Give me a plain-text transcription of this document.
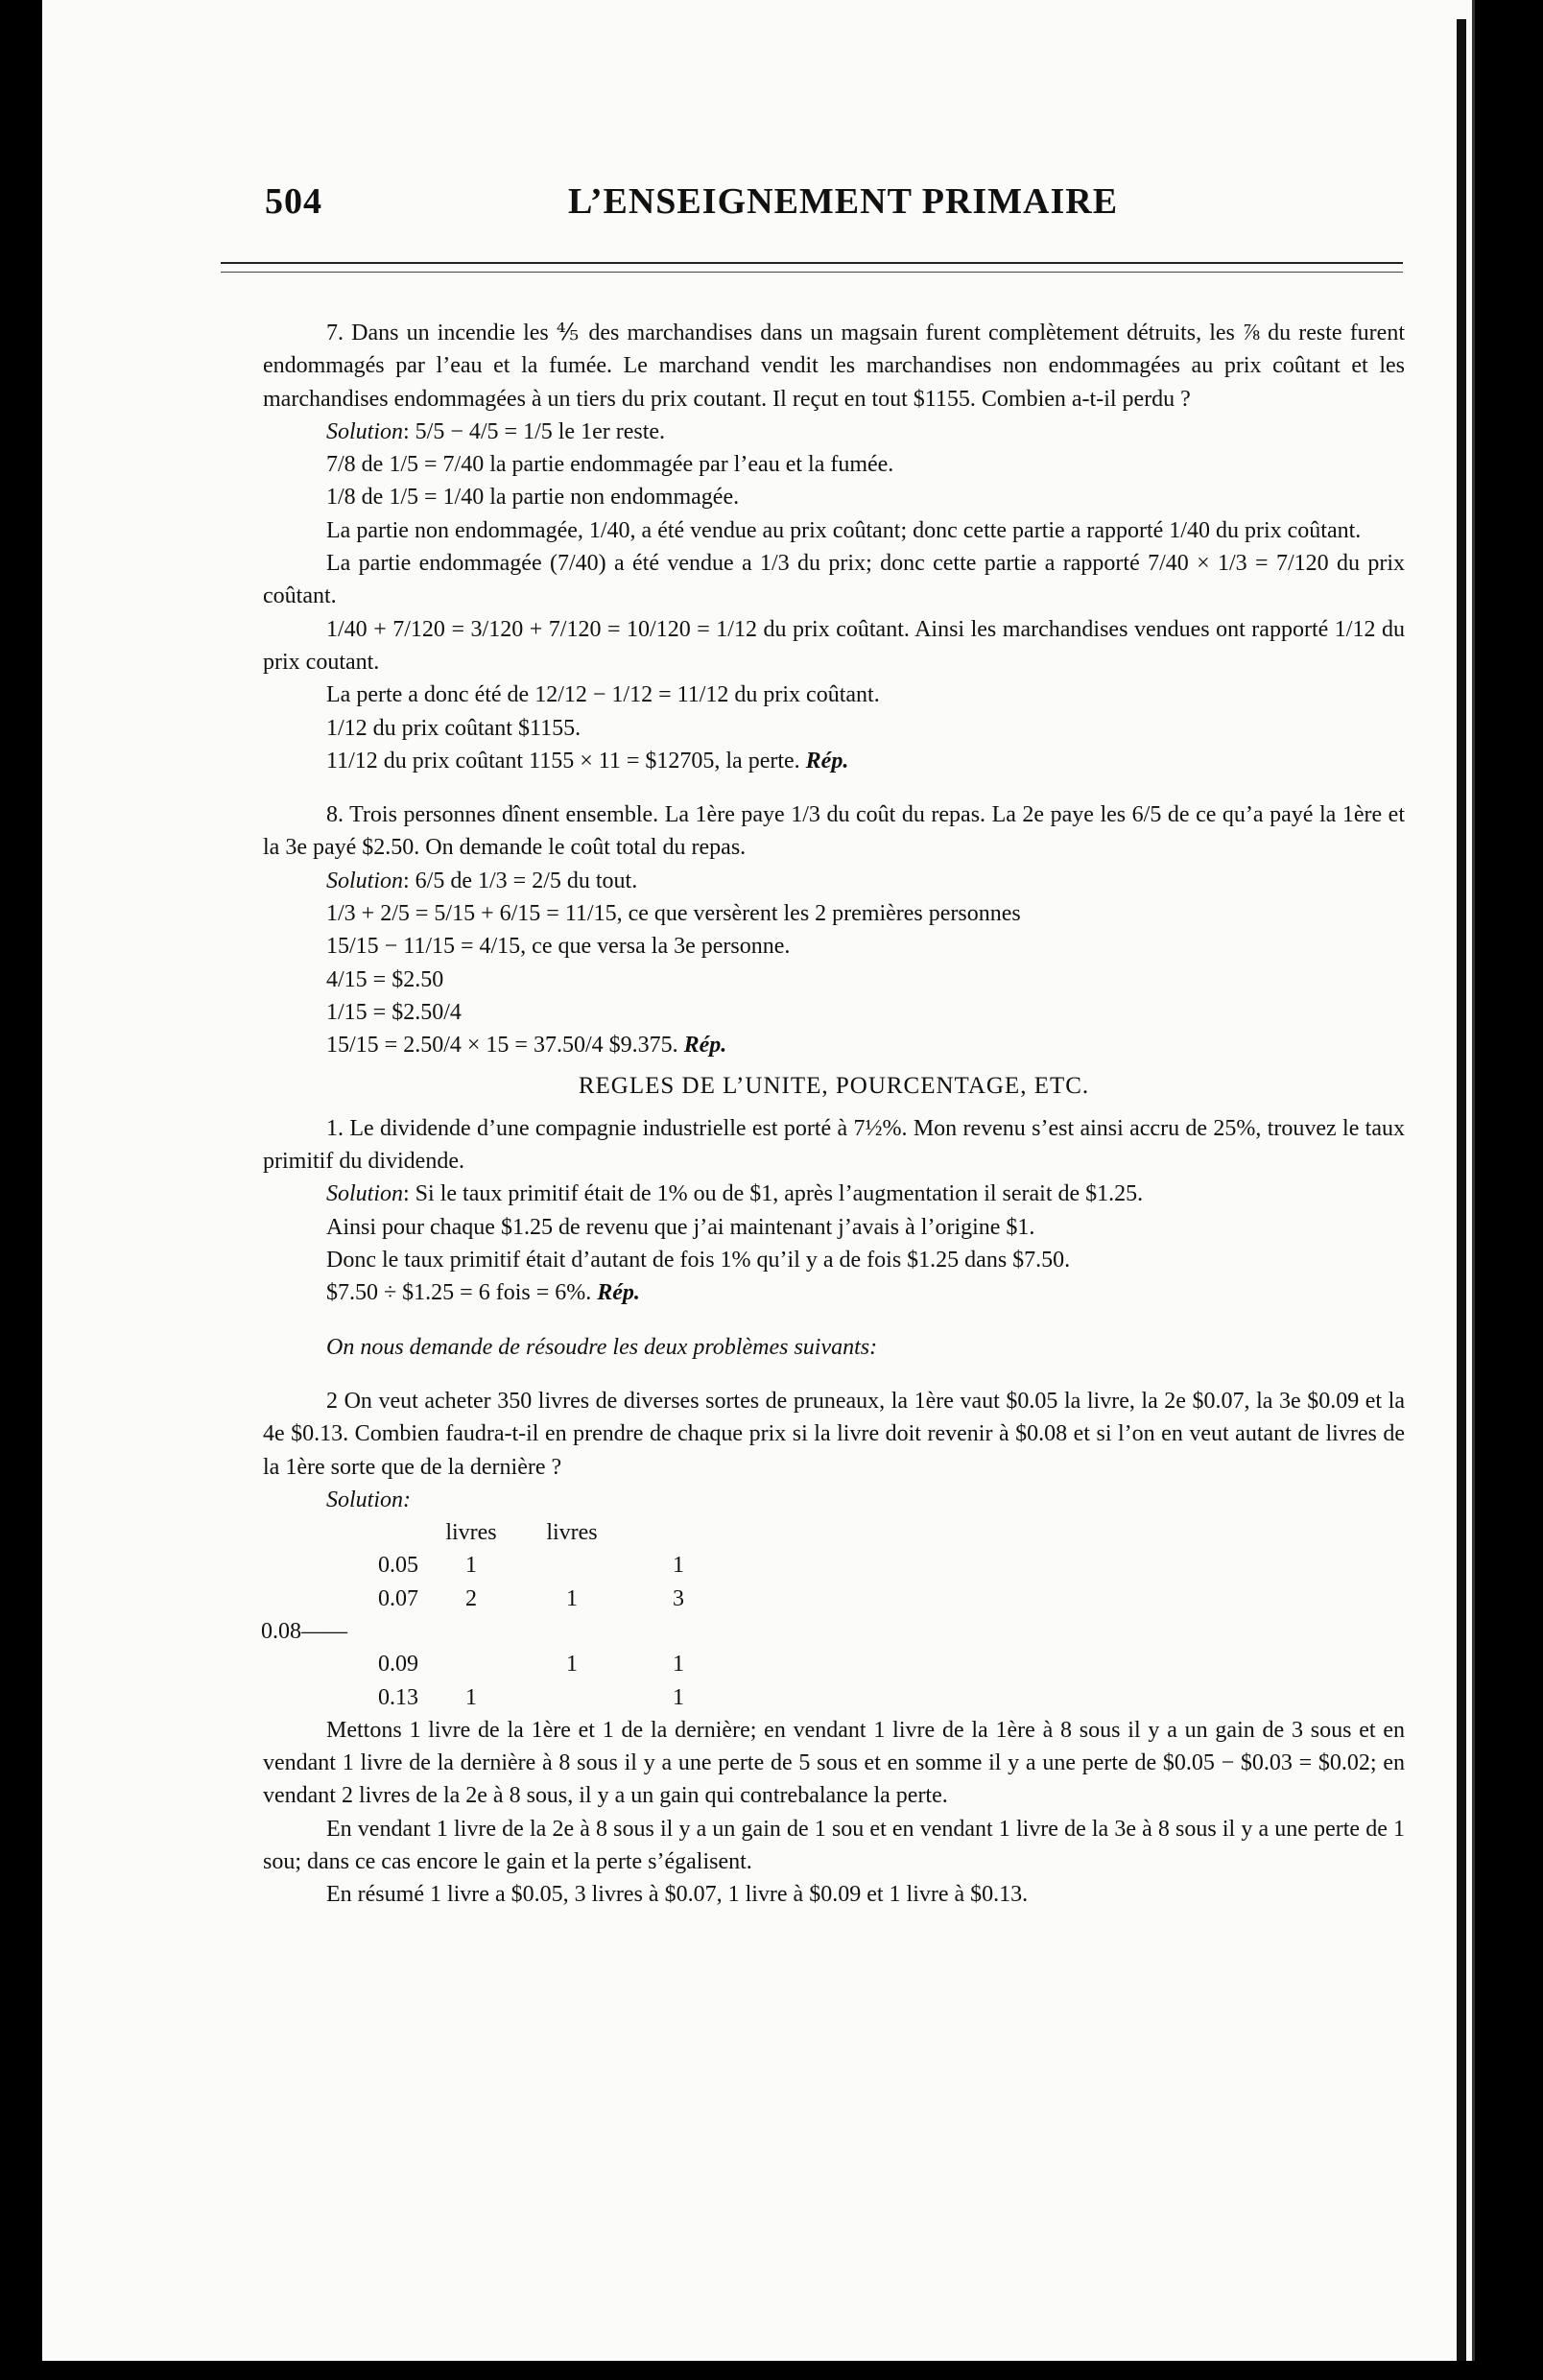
504	L’ENSEIGNEMENT PRIMAIRE

7. Dans un incendie les ⅘ des marchandises dans un magsain furent complètement détruits, les ⅞ du reste furent endommagés par l’eau et la fumée. Le marchand vendit les marchandises non endommagées au prix coûtant et les marchandises endommagées à un tiers du prix coutant. Il reçut en tout $1155. Combien a-t-il perdu ?

Solution: 5/5 − 4/5 = 1/5 le 1er reste.

7/8 de 1/5 = 7/40 la partie endommagée par l’eau et la fumée.

1/8 de 1/5 = 1/40 la partie non endommagée.

La partie non endommagée, 1/40, a été vendue au prix coûtant; donc cette partie a rapporté 1/40 du prix coûtant.

La partie endommagée (7/40) a été vendue a 1/3 du prix; donc cette partie a rapporté 7/40 × 1/3 = 7/120 du prix coûtant.

1/40 + 7/120 = 3/120 + 7/120 = 10/120 = 1/12 du prix coûtant. Ainsi les marchandises vendues ont rapporté 1/12 du prix coutant.

La perte a donc été de 12/12 − 1/12 = 11/12 du prix coûtant.

1/12 du prix coûtant $1155.

11/12 du prix coûtant 1155 × 11 = $12705, la perte. Rép.

8. Trois personnes dînent ensemble. La 1ère paye 1/3 du coût du repas. La 2e paye les 6/5 de ce qu’a payé la 1ère et la 3e payé $2.50. On demande le coût total du repas.

Solution: 6/5 de 1/3 = 2/5 du tout.

1/3 + 2/5 = 5/15 + 6/15 = 11/15, ce que versèrent les 2 premières personnes

15/15 − 11/15 = 4/15, ce que versa la 3e personne.

4/15 = $2.50

1/15 = $2.50/4

15/15 = 2.50/4 × 15 = 37.50/4 $9.375. Rép.

REGLES DE L’UNITE, POURCENTAGE, ETC.

1. Le dividende d’une compagnie industrielle est porté à 7½%. Mon revenu s’est ainsi accru de 25%, trouvez le taux primitif du dividende.

Solution: Si le taux primitif était de 1% ou de $1, après l’augmentation il serait de $1.25.

Ainsi pour chaque $1.25 de revenu que j’ai maintenant j’avais à l’origine $1.

Donc le taux primitif était d’autant de fois 1% qu’il y a de fois $1.25 dans $7.50.

$7.50 ÷ $1.25 = 6 fois = 6%. Rép.

On nous demande de résoudre les deux problèmes suivants:

2 On veut acheter 350 livres de diverses sortes de pruneaux, la 1ère vaut $0.05 la livre, la 2e $0.07, la 3e $0.09 et la 4e $0.13. Combien faudra-t-il en prendre de chaque prix si la livre doit revenir à $0.08 et si l’on en veut autant de livres de la 1ère sorte que de la dernière ?

Solution:

	livres	livres	
0.05	1		1
0.07	2	1	3
0.08——			
0.09		1	1
0.13	1		1

Mettons 1 livre de la 1ère et 1 de la dernière; en vendant 1 livre de la 1ère à 8 sous il y a un gain de 3 sous et en vendant 1 livre de la dernière à 8 sous il y a une perte de 5 sous et en somme il y a une perte de $0.05 − $0.03 = $0.02; en vendant 2 livres de la 2e à 8 sous, il y a un gain qui contrebalance la perte.

En vendant 1 livre de la 2e à 8 sous il y a un gain de 1 sou et en vendant 1 livre de la 3e à 8 sous il y a une perte de 1 sou; dans ce cas encore le gain et la perte s’égalisent.

En résumé 1 livre a $0.05, 3 livres à $0.07, 1 livre à $0.09 et 1 livre à $0.13.
